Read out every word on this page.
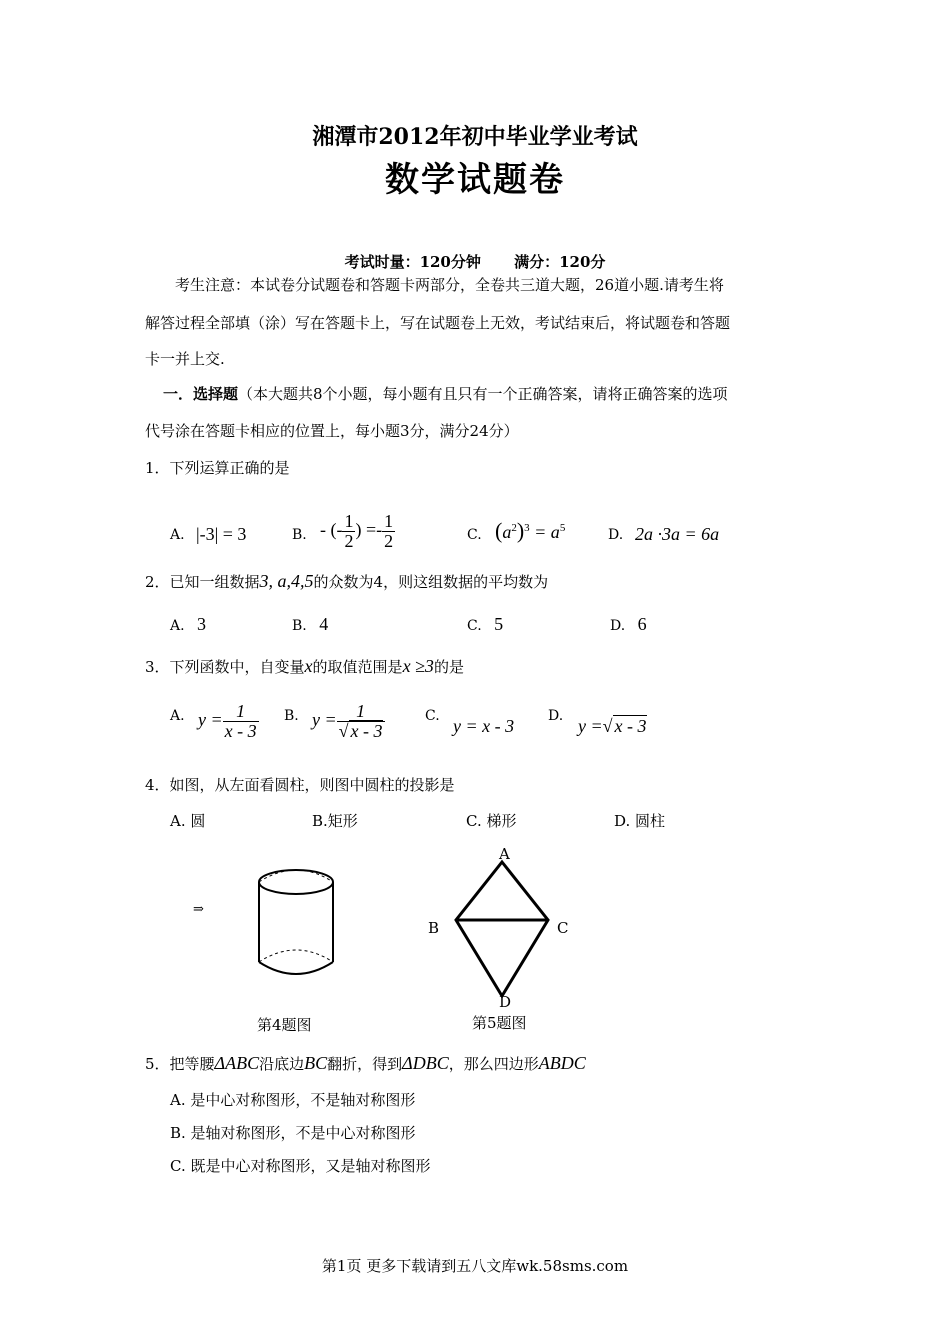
湘潭市2012年初中毕业学业考试
数学试题卷
考试时量：120分钟 满分：120分
考生注意：本试卷分试题卷和答题卡两部分，全卷共三道大题，26道小题.请考生将
解答过程全部填（涂）写在答题卡上，写在试题卷上无效，考试结束后，将试题卷和答题
卡一并上交.
一．选择题（本大题共8个小题，每小题有且只有一个正确答案，请将正确答案的选项
代号涂在答题卡相应的位置上，每小题3分，满分24分）
1．下列运算正确的是
A. |-3| = 3	B. - (- $\frac{1}{2}$ ) =- $\frac{1}{2}$	C. $(a^2)^3 = a^5$	D. 2a ·3a = 6a
2．已知一组数据3, a,4,5的众数为4，则这组数据的平均数为
A. 3	B. 4	C. 5	D. 6
3．下列函数中，自变量x的取值范围是x ≥3的是
A. $y = \frac{1}{x - 3} B$. $y = \frac{1}{√ x - 3}$	C. y = x - 3 D. y =√ x - 3
4．如图，从左面看圆柱，则图中圆柱的投影是
A. 圆	B.矩形	C. 梯形	D. 圆柱
⇒
A
B	C
D
第4题图	第5题图
5．把等腰ΔABC沿底边BC翻折，得到ΔDBC，那么四边形ABDC
A. 是中心对称图形，不是轴对称图形
B. 是轴对称图形，不是中心对称图形
C. 既是中心对称图形，又是轴对称图形
第1页 更多下载请到五八文库wk.58sms.com
